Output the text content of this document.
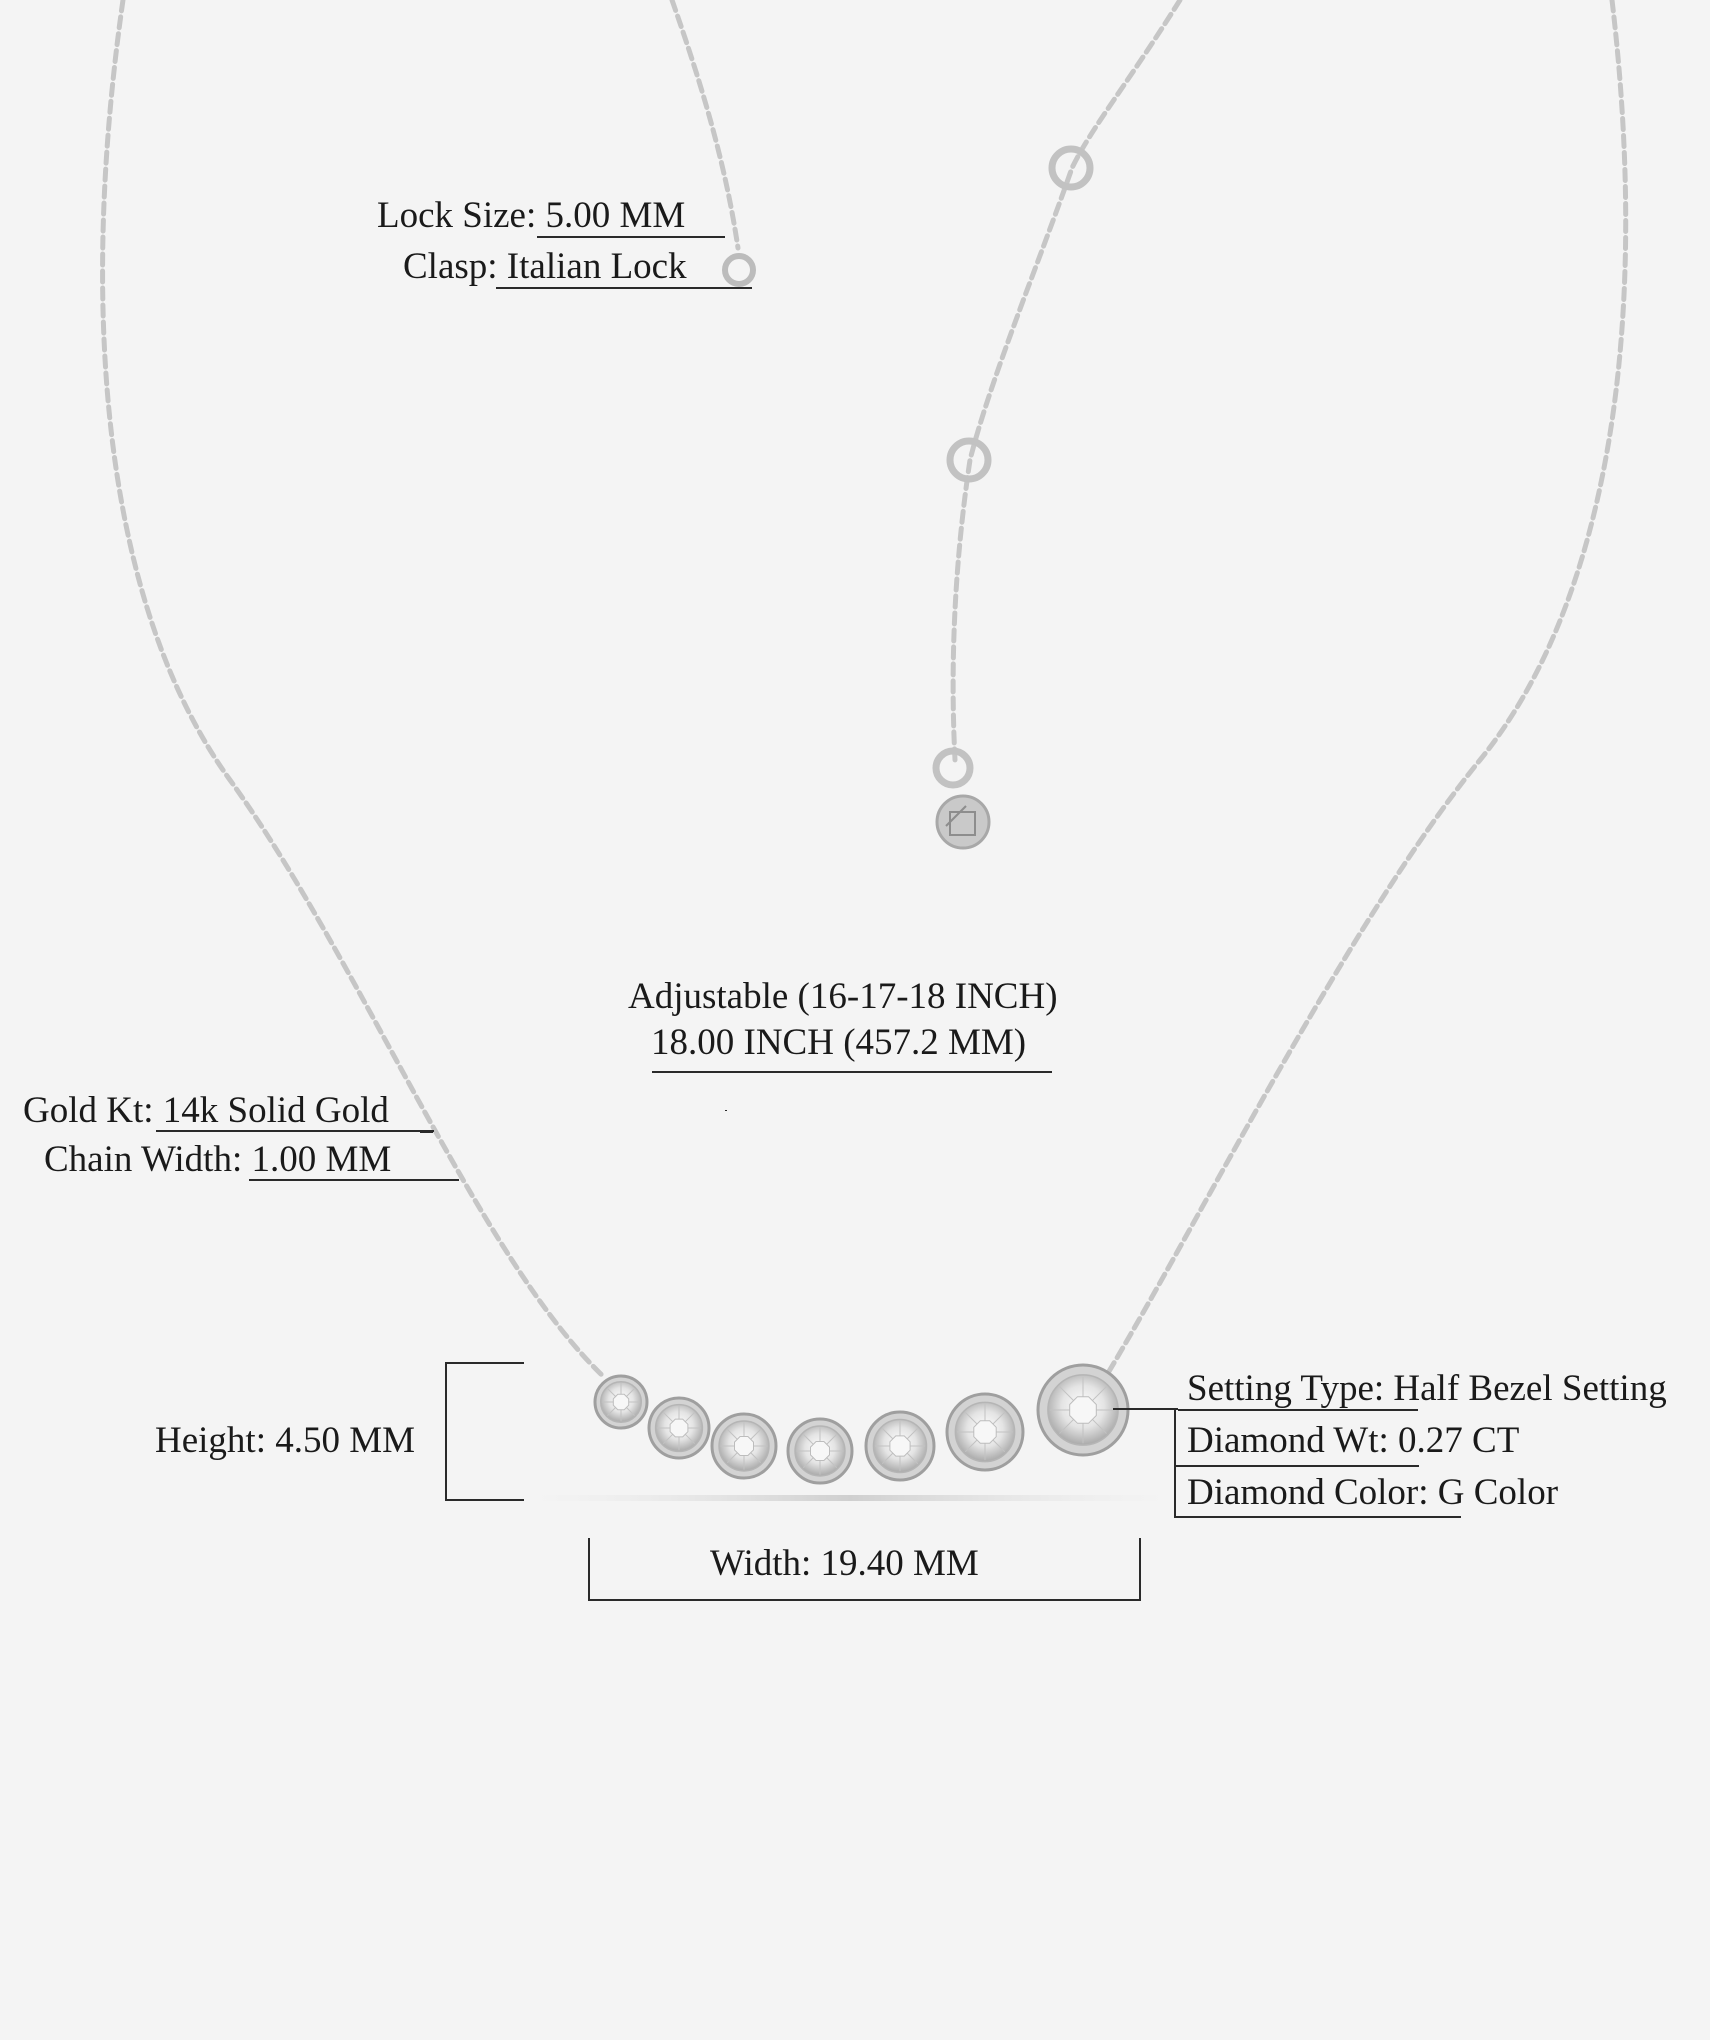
Lock Size: 5.00 MM
Clasp: Italian Lock
Adjustable (16-17-18 INCH)
18.00 INCH (457.2 MM)
Gold Kt: 14k Solid Gold
Chain Width: 1.00 MM
Height: 4.50 MM
Width: 19.40 MM
Setting Type: Half Bezel Setting
Diamond Wt: 0.27 CT
Diamond Color: G Color
